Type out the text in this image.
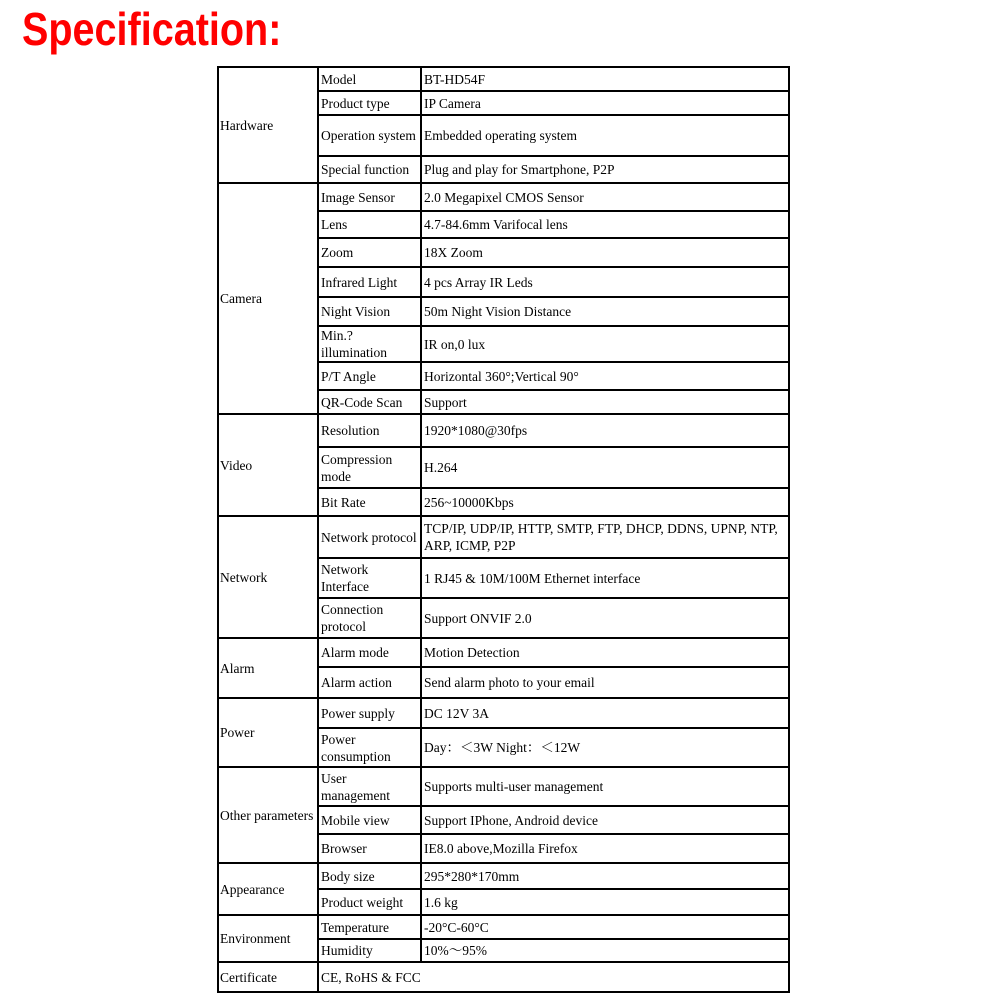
Specification:
Hardware	Model	BT-HD54F
	Product type	IP Camera
	Operation system	Embedded operating system
	Special function	Plug and play for Smartphone, P2P
Camera	Image Sensor	2.0 Megapixel CMOS Sensor
	Lens	4.7-84.6mm Varifocal lens
	Zoom	18X Zoom
	Infrared Light	4 pcs Array IR Leds
	Night Vision	50m Night Vision Distance
	Min.?illumination	IR on,0 lux
	P/T Angle	Horizontal 360°;Vertical 90°
	QR-Code Scan	Support
Video	Resolution	1920*1080@30fps
	Compression mode	H.264
	Bit Rate	256~10000Kbps
Network	Network protocol	TCP/IP, UDP/IP, HTTP, SMTP, FTP, DHCP, DDNS, UPNP, NTP, ARP, ICMP, P2P
	Network Interface	1 RJ45 & 10M/100M Ethernet interface
	Connection protocol	Support ONVIF 2.0
Alarm	Alarm mode	Motion Detection
	Alarm action	Send alarm photo to your email
Power	Power supply	DC 12V 3A
	Power consumption	Day：＜3W Night：＜12W
Other parameters	User management	Supports multi-user management
	Mobile view	Support IPhone, Android device
	Browser	IE8.0 above,Mozilla Firefox
Appearance	Body size	295*280*170mm
	Product weight	1.6 kg
Environment	Temperature	-20°C-60°C
	Humidity	10%～95%
Certificate	CE, RoHS & FCC	
